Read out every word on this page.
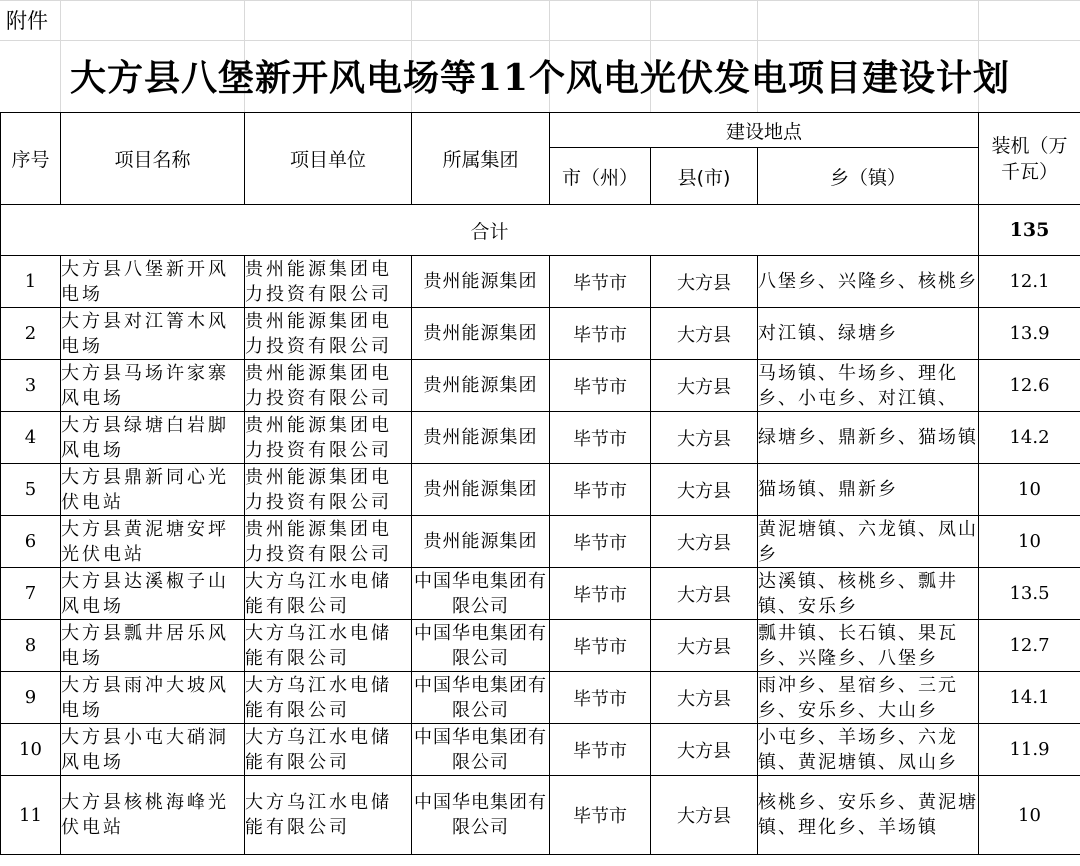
附件
大方县八堡新开风电场等11个风电光伏发电项目建设计划
序号	项目名称	项目单位	所属集团	建设地点			装机（万千瓦）
				市（州）	县(市)	乡（镇）	
合计							135
1	大方县八堡新开风电场	贵州能源集团电力投资有限公司	贵州能源集团	毕节市	大方县	八堡乡、兴隆乡、核桃乡	12.1
2	大方县对江箐木风电场	贵州能源集团电力投资有限公司	贵州能源集团	毕节市	大方县	对江镇、绿塘乡	13.9
3	大方县马场许家寨风电场	贵州能源集团电力投资有限公司	贵州能源集团	毕节市	大方县	马场镇、牛场乡、理化乡、小屯乡、对江镇、	12.6
4	大方县绿塘白岩脚风电场	贵州能源集团电力投资有限公司	贵州能源集团	毕节市	大方县	绿塘乡、鼎新乡、猫场镇	14.2
5	大方县鼎新同心光伏电站	贵州能源集团电力投资有限公司	贵州能源集团	毕节市	大方县	猫场镇、鼎新乡	10
6	大方县黄泥塘安坪光伏电站	贵州能源集团电力投资有限公司	贵州能源集团	毕节市	大方县	黄泥塘镇、六龙镇、凤山乡	10
7	大方县达溪椒子山风电场	大方乌江水电储能有限公司	中国华电集团有限公司	毕节市	大方县	达溪镇、核桃乡、瓢井镇、安乐乡	13.5
8	大方县瓢井居乐风电场	大方乌江水电储能有限公司	中国华电集团有限公司	毕节市	大方县	瓢井镇、长石镇、果瓦乡、兴隆乡、八堡乡	12.7
9	大方县雨冲大坡风电场	大方乌江水电储能有限公司	中国华电集团有限公司	毕节市	大方县	雨冲乡、星宿乡、三元乡、安乐乡、大山乡	14.1
10	大方县小屯大硝洞风电场	大方乌江水电储能有限公司	中国华电集团有限公司	毕节市	大方县	小屯乡、羊场乡、六龙镇、黄泥塘镇、凤山乡	11.9
11	大方县核桃海峰光伏电站	大方乌江水电储能有限公司	中国华电集团有限公司	毕节市	大方县	核桃乡、安乐乡、黄泥塘镇、理化乡、羊场镇	10
